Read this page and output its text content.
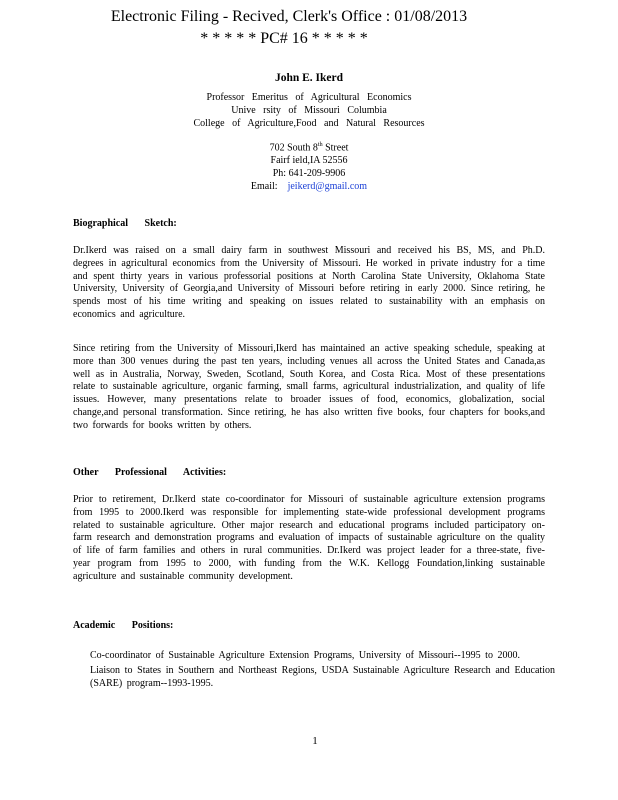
Electronic Filing - Recived, Clerk's Office : 01/08/2013
* * * * * PC# 16 * * * * *
John E. Ikerd
Professor Emeritus of Agricultural Economics
Unive rsity of Missouri Columbia
College of Agriculture,Food and Natural Resources
702 South 8th Street
Fairf ield,IA 52556
Ph: 641-209-9906
Email: jeikerd@gmail.com
Biographical Sketch:
Dr.Ikerd was raised on a small dairy farm in southwest Missouri and received his BS, MS, and Ph.D. degrees in agricultural economics from the University of Missouri. He worked in private industry for a time and spent thirty years in various professorial positions at North Carolina State University, Oklahoma State University, University of Georgia,and University of Missouri before retiring in early 2000. Since retiring, he spends most of his time writing and speaking on issues related to sustainability with an emphasis on economics and agriculture.
Since retiring from the University of Missouri,Ikerd has maintained an active speaking schedule, speaking at more than 300 venues during the past ten years, including venues all across the United States and Canada,as well as in Australia, Norway, Sweden, Scotland, South Korea, and Costa Rica. Most of these presentations relate to sustainable agriculture, organic farming, small farms, agricultural industrialization, and quality of life issues. However, many presentations relate to broader issues of food, economics, globalization, social change,and personal transformation. Since retiring, he has also written five books, four chapters for books,and two forwards for books written by others.
Other Professional Activities:
Prior to retirement, Dr.Ikerd state co-coordinator for Missouri of sustainable agriculture extension programs from 1995 to 2000.Ikerd was responsible for implementing state-wide professional development programs related to sustainable agriculture. Other major research and educational programs included participatory on-farm research and demonstration programs and evaluation of impacts of sustainable agriculture on the quality of life of farm families and others in rural communities. Dr.Ikerd was project leader for a three-state, five-year program from 1995 to 2000, with funding from the W.K. Kellogg Foundation,linking sustainable agriculture and sustainable community development.
Academic Positions:
Co-coordinator of Sustainable Agriculture Extension Programs, University of Missouri--1995 to 2000.
Liaison to States in Southern and Northeast Regions, USDA Sustainable Agriculture Research and Education (SARE) program--1993-1995.
1
